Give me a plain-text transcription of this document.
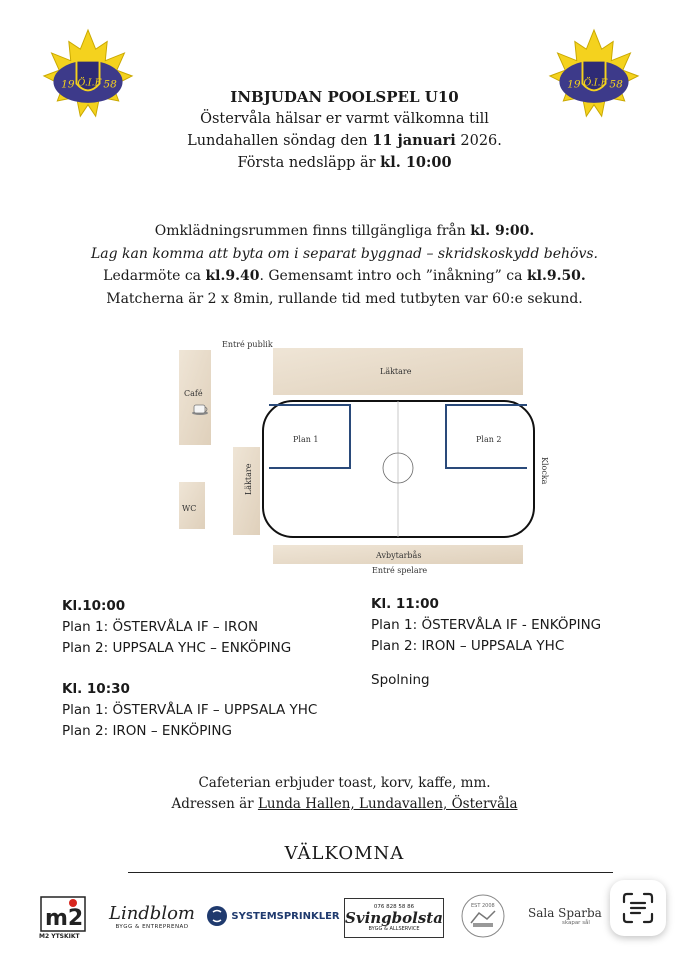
19 Ö.I.F 58	19 Ö.I.F 58
INBJUDAN POOLSPEL U10
Östervåla hälsar er varmt välkomna till
Lundahallen söndag den 11 januari 2026.
Första nedsläpp är kl. 10:00
Omklädningsrummen finns tillgängliga från kl. 9:00.
Lag kan komma att byta om i separat byggnad – skridskoskydd behövs.
Ledarmöte ca kl.9.40. Gemensamt intro och ”inåkning” ca kl.9.50.
Matcherna är 2 x 8min, rullande tid med tutbyten var 60:e sekund.
Entré publik
Café
WC
Läktare
Läktare
Plan 1	Plan 2
Klocka
Avbytarbås
Entré spelare
Kl.10:00
Plan 1: ÖSTERVÅLA IF – IRON
Plan 2: UPPSALA YHC – ENKÖPING
Kl. 10:30
Plan 1: ÖSTERVÅLA IF – UPPSALA YHC
Plan 2: IRON – ENKÖPING
Kl. 11:00
Plan 1: ÖSTERVÅLA IF - ENKÖPING
Plan 2: IRON – UPPSALA YHC
Spolning
Cafeterian erbjuder toast, korv, kaffe, mm.
Adressen är Lunda Hallen, Lundavallen, Östervåla
VÄLKOMNA
m2
M2 YTSKIKT
Lindblom
BYGG & ENTREPRENAD
SYSTEMSPRINKLER
076 828 58 86
Svingbolsta
BYGG & ALLSERVICE
EST 2008	Sala Sparba
skapar sål
